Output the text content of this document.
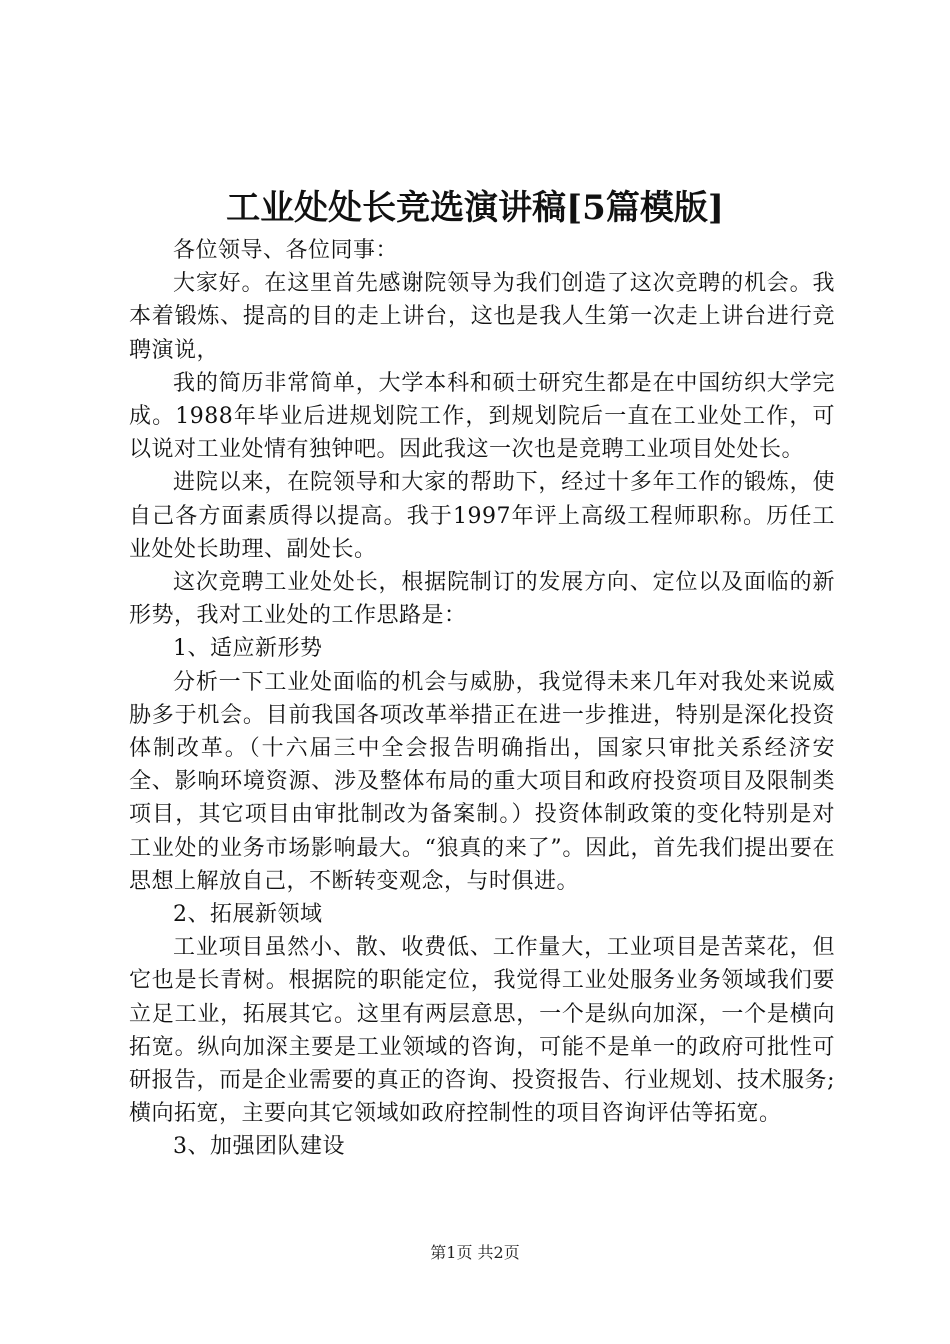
工业处处长竞选演讲稿[5篇模版]

各位领导、各位同事：

大家好。在这里首先感谢院领导为我们创造了这次竞聘的机会。我本着锻炼、提高的目的走上讲台，这也是我人生第一次走上讲台进行竞聘演说，

我的简历非常简单，大学本科和硕士研究生都是在中国纺织大学完成。1988年毕业后进规划院工作，到规划院后一直在工业处工作，可以说对工业处情有独钟吧。因此我这一次也是竞聘工业项目处处长。

进院以来，在院领导和大家的帮助下，经过十多年工作的锻炼，使自己各方面素质得以提高。我于1997年评上高级工程师职称。历任工业处处长助理、副处长。

这次竞聘工业处处长，根据院制订的发展方向、定位以及面临的新形势，我对工业处的工作思路是：

1、适应新形势

分析一下工业处面临的机会与威胁，我觉得未来几年对我处来说威胁多于机会。目前我国各项改革举措正在进一步推进，特别是深化投资体制改革。（十六届三中全会报告明确指出，国家只审批关系经济安全、影响环境资源、涉及整体布局的重大项目和政府投资项目及限制类项目，其它项目由审批制改为备案制。）投资体制政策的变化特别是对工业处的业务市场影响最大。“狼真的来了”。因此，首先我们提出要在思想上解放自己，不断转变观念，与时俱进。

2、拓展新领域

工业项目虽然小、散、收费低、工作量大，工业项目是苦菜花，但它也是长青树。根据院的职能定位，我觉得工业处服务业务领域我们要立足工业，拓展其它。这里有两层意思，一个是纵向加深，一个是横向拓宽。纵向加深主要是工业领域的咨询，可能不是单一的政府可批性可研报告，而是企业需要的真正的咨询、投资报告、行业规划、技术服务;横向拓宽，主要向其它领域如政府控制性的项目咨询评估等拓宽。

3、加强团队建设

第1页 共2页
